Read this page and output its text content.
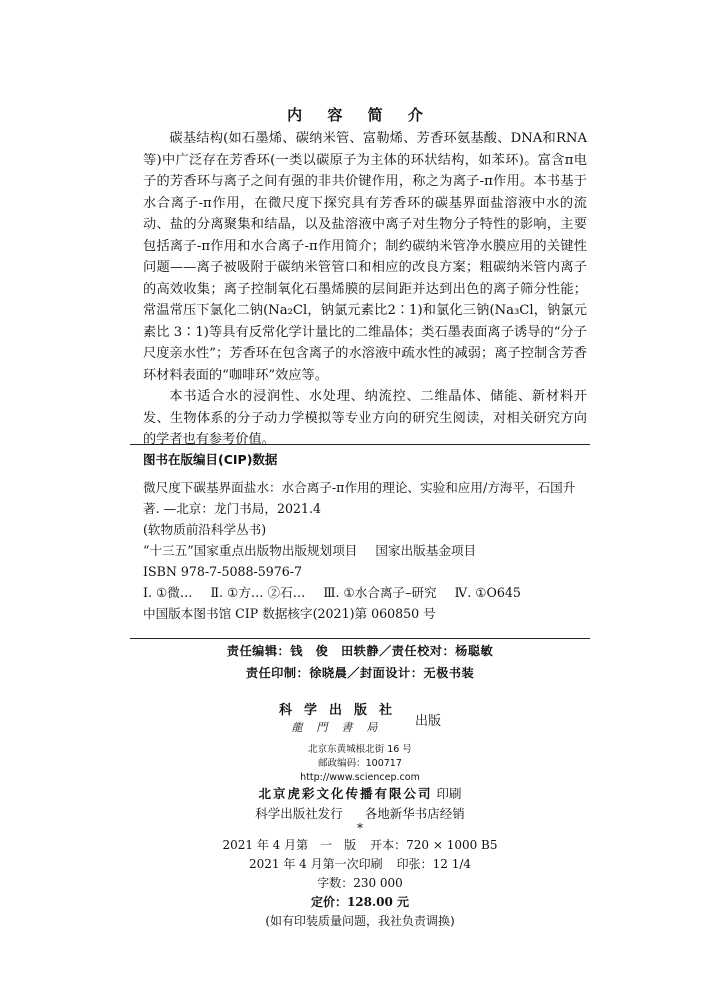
内 容 简 介

碳基结构(如石墨烯、碳纳米管、富勒烯、芳香环氨基酸、DNA和RNA等)中广泛存在芳香环(一类以碳原子为主体的环状结构，如苯环)。富含π电子的芳香环与离子之间有强的非共价键作用，称之为离子-π作用。本书基于水合离子-π作用，在微尺度下探究具有芳香环的碳基界面盐溶液中水的流动、盐的分离聚集和结晶，以及盐溶液中离子对生物分子特性的影响，主要包括离子-π作用和水合离子-π作用简介；制约碳纳米管净水膜应用的关键性问题——离子被吸附于碳纳米管管口和相应的改良方案；粗碳纳米管内离子的高效收集；离子控制氧化石墨烯膜的层间距并达到出色的离子筛分性能；常温常压下氯化二钠(Na₂Cl，钠氯元素比2∶1)和氯化三钠(Na₃Cl，钠氯元素比 3∶1)等具有反常化学计量比的二维晶体；类石墨表面离子诱导的“分子尺度亲水性”；芳香环在包含离子的水溶液中疏水性的减弱；离子控制含芳香环材料表面的“咖啡环”效应等。

本书适合水的浸润性、水处理、纳流控、二维晶体、储能、新材料开发、生物体系的分子动力学模拟等专业方向的研究生阅读，对相关研究方向的学者也有参考价值。

图书在版编目(CIP)数据
微尺度下碳基界面盐水：水合离子-π作用的理论、实验和应用/方海平，石国升著. —北京：龙门书局，2021.4
(软物质前沿科学丛书)
“十三五”国家重点出版物出版规划项目 国家出版基金项目
ISBN 978-7-5088-5976-7
Ⅰ. ①微… Ⅱ. ①方… ②石… Ⅲ. ①水合离子–研究 Ⅳ. ①O645
中国版本图书馆 CIP 数据核字(2021)第 060850 号
责任编辑：钱　俊　田轶静／责任校对：杨聪敏
责任印制：徐晓晨／封面设计：无极书装
科学出版社
龍門書局	出版
北京东黄城根北街 16 号
邮政编码：100717
http://www.sciencep.com
北京虎彩文化传播有限公司 印刷
科学出版社发行 各地新华书店经销
*
2021 年 4 月第　一　版 开本：720 × 1000 B5
2021 年 4 月第一次印刷 印张：12 1/4
字数：230 000
定价：128.00 元
(如有印装质量问题，我社负责调换)
